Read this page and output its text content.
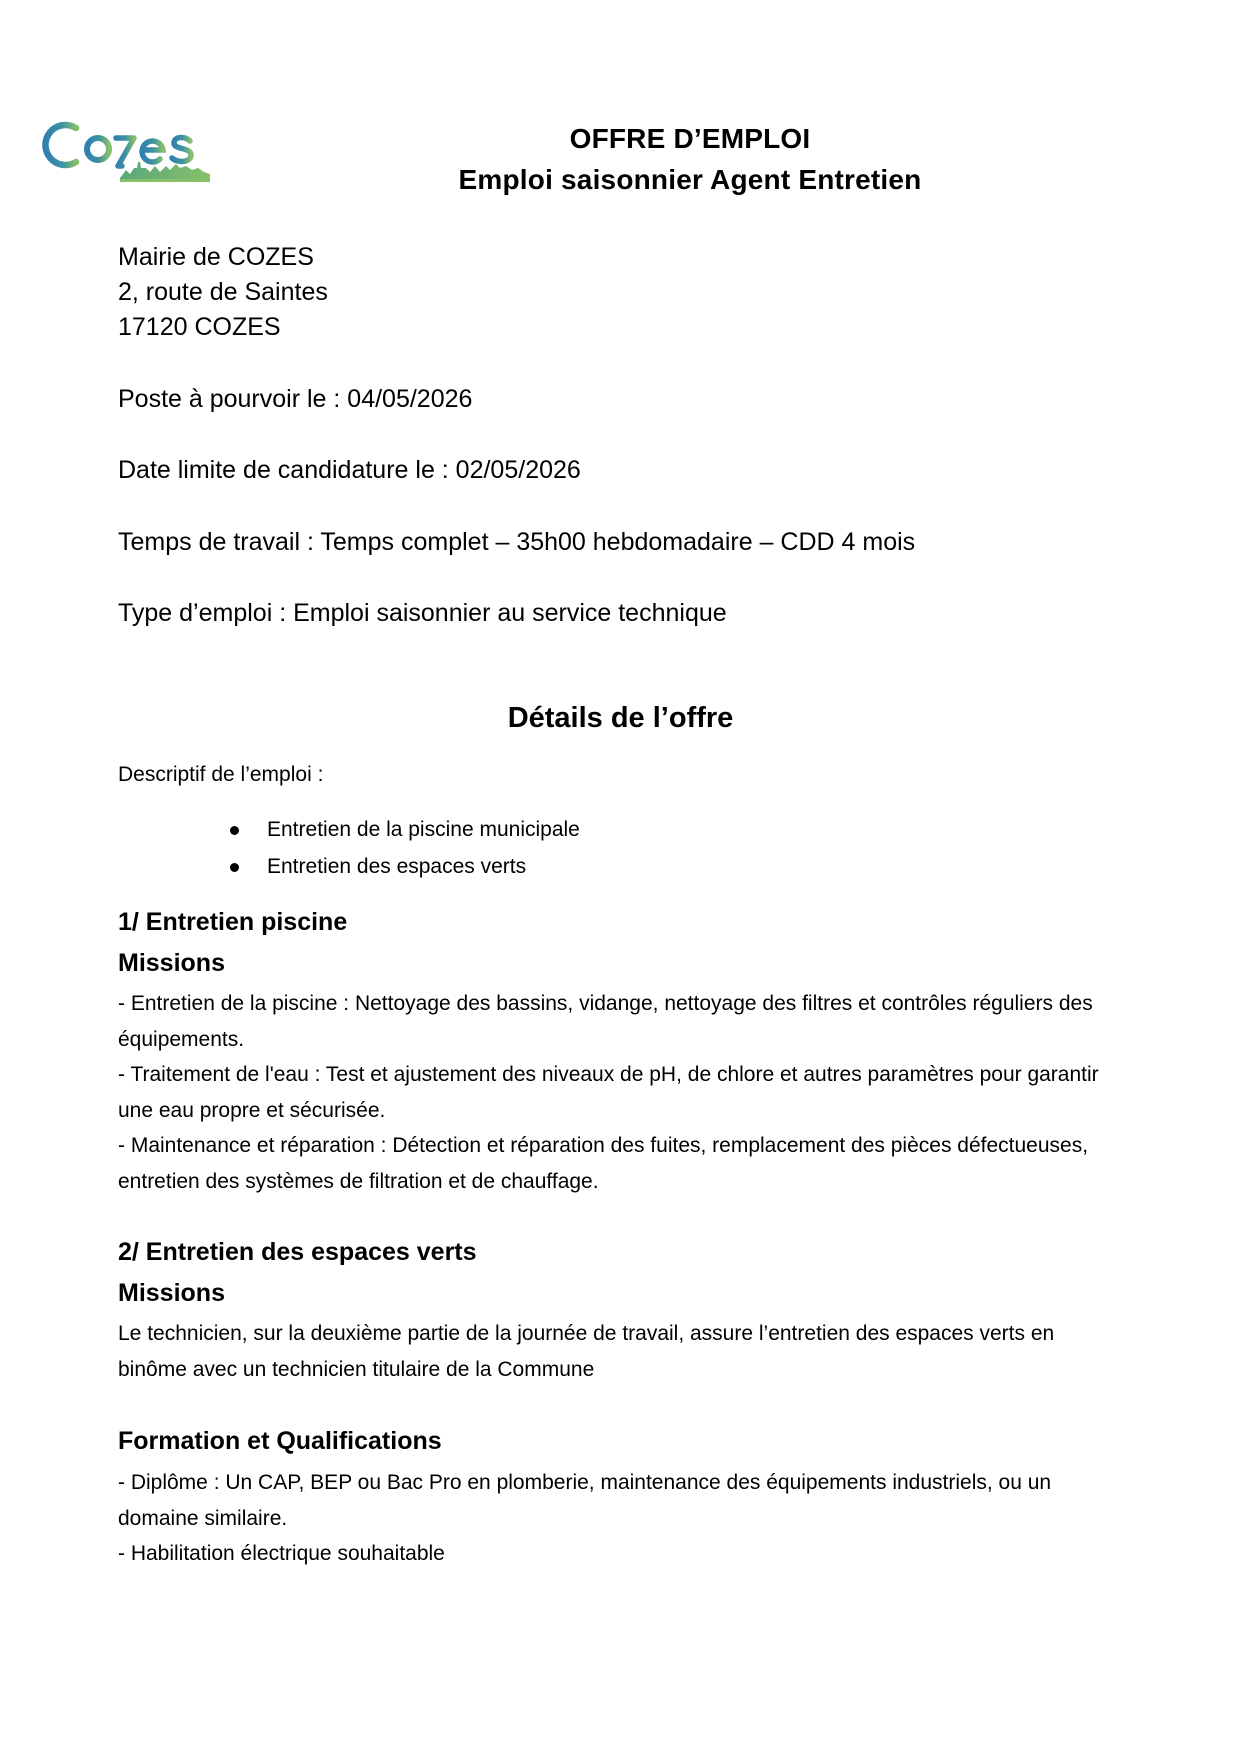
OFFRE D’EMPLOI
Emploi saisonnier Agent Entretien
Mairie de COZES
2, route de Saintes
17120 COZES
Poste à pourvoir le : 04/05/2026
Date limite de candidature le : 02/05/2026
Temps de travail : Temps complet – 35h00 hebdomadaire – CDD 4 mois
Type d’emploi : Emploi saisonnier au service technique
Détails de l’offre
Descriptif de l’emploi :
Entretien de la piscine municipale
Entretien des espaces verts
1/ Entretien piscine
Missions
- Entretien de la piscine : Nettoyage des bassins, vidange, nettoyage des filtres et contrôles réguliers des équipements.
- Traitement de l'eau : Test et ajustement des niveaux de pH, de chlore et autres paramètres pour garantir une eau propre et sécurisée.
- Maintenance et réparation : Détection et réparation des fuites, remplacement des pièces défectueuses, entretien des systèmes de filtration et de chauffage.
2/ Entretien des espaces verts
Missions
Le technicien, sur la deuxième partie de la journée de travail, assure l’entretien des espaces verts en binôme avec un technicien titulaire de la Commune
Formation et Qualifications
- Diplôme : Un CAP, BEP ou Bac Pro en plomberie, maintenance des équipements industriels, ou un domaine similaire.
- Habilitation électrique souhaitable
